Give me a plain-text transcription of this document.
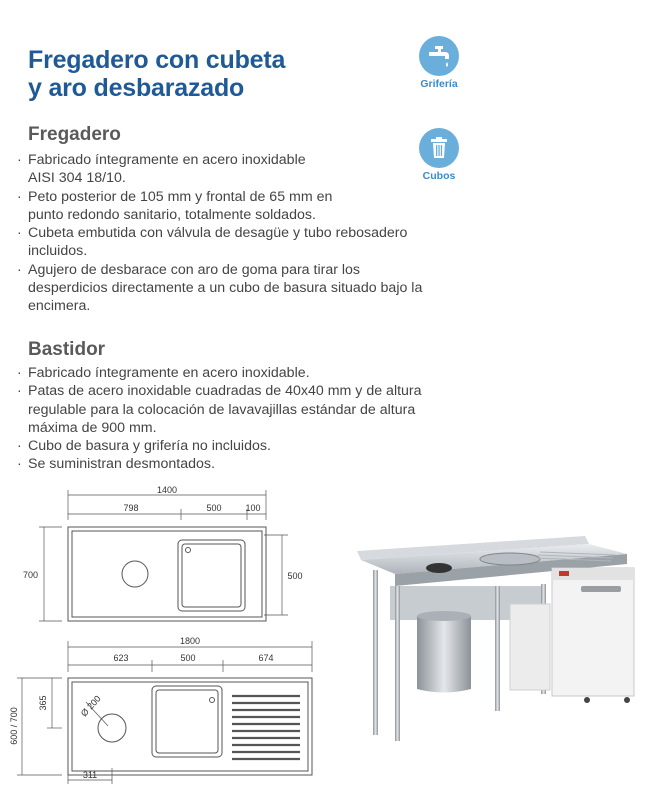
Fregadero con cubeta
y aro desbarazado	Grifería
Cubos
Fregadero
· Fabricado íntegramente en acero inoxidable
AISI 304 18/10.
· Peto posterior de 105 mm y frontal de 65 mm en
punto redondo sanitario, totalmente soldados.
· Cubeta embutida con válvula de desagüe y tubo rebosadero
incluidos.
· Agujero de desbarace con aro de goma para tirar los
desperdicios directamente a un cubo de basura situado bajo la
encimera.
Bastidor
· Fabricado íntegramente en acero inoxidable.
· Patas de acero inoxidable cuadradas de 40x40 mm y de altura
regulable para la colocación de lavavajillas estándar de altura
máxima de 900 mm.
· Cubo de basura y grifería no incluidos.
· Se suministran desmontados.
1400
798	500	100
700	500
1800
623	500	674
600 / 700
365	Ø 200
311
